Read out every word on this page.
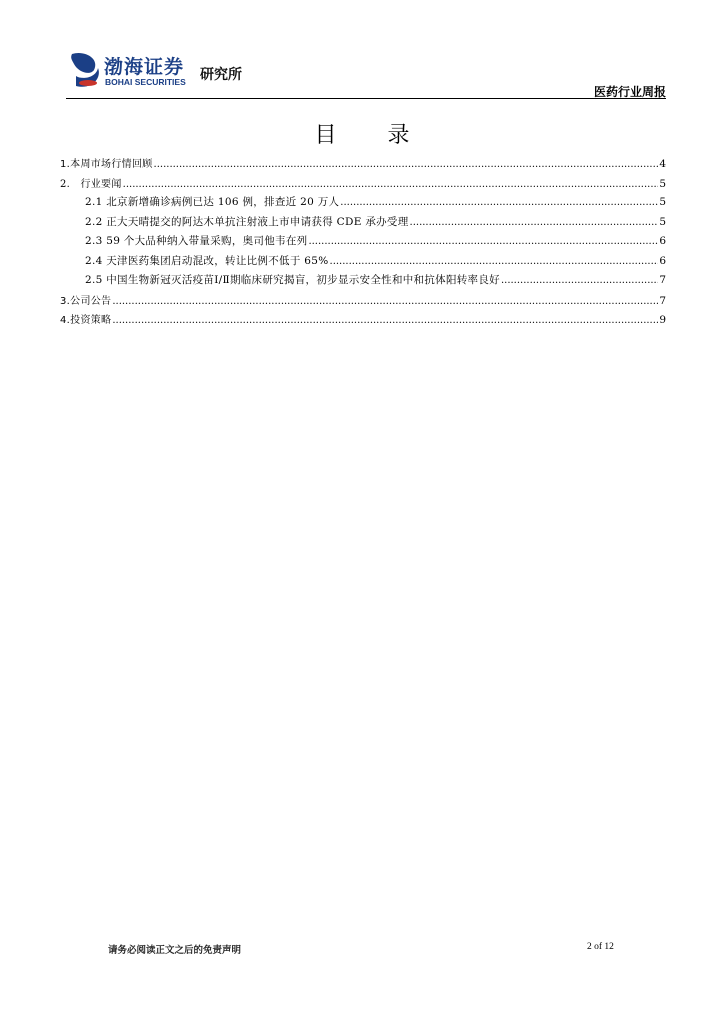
渤海证券
BOHAI SECURITIES 研究所
医药行业周报
目 录
1.本周市场行情回顾 .....	4
2.　行业要闻 .....	5
2.1 北京新增确诊病例已达 106 例，排查近 20 万人 .....	5
2.2 正大天晴提交的阿达木单抗注射液上市申请获得 CDE 承办受理 .....	5
2.3 59 个大品种纳入带量采购，奥司他韦在列 .....	6
2.4 天津医药集团启动混改，转让比例不低于 65% .....	6
2.5 中国生物新冠灭活疫苗Ⅰ/Ⅱ期临床研究揭盲，初步显示安全性和中和抗体阳转率良好 .....	7
3.公司公告 .....	7
4.投资策略 .....	9
请务必阅读正文之后的免责声明	2 of 12
